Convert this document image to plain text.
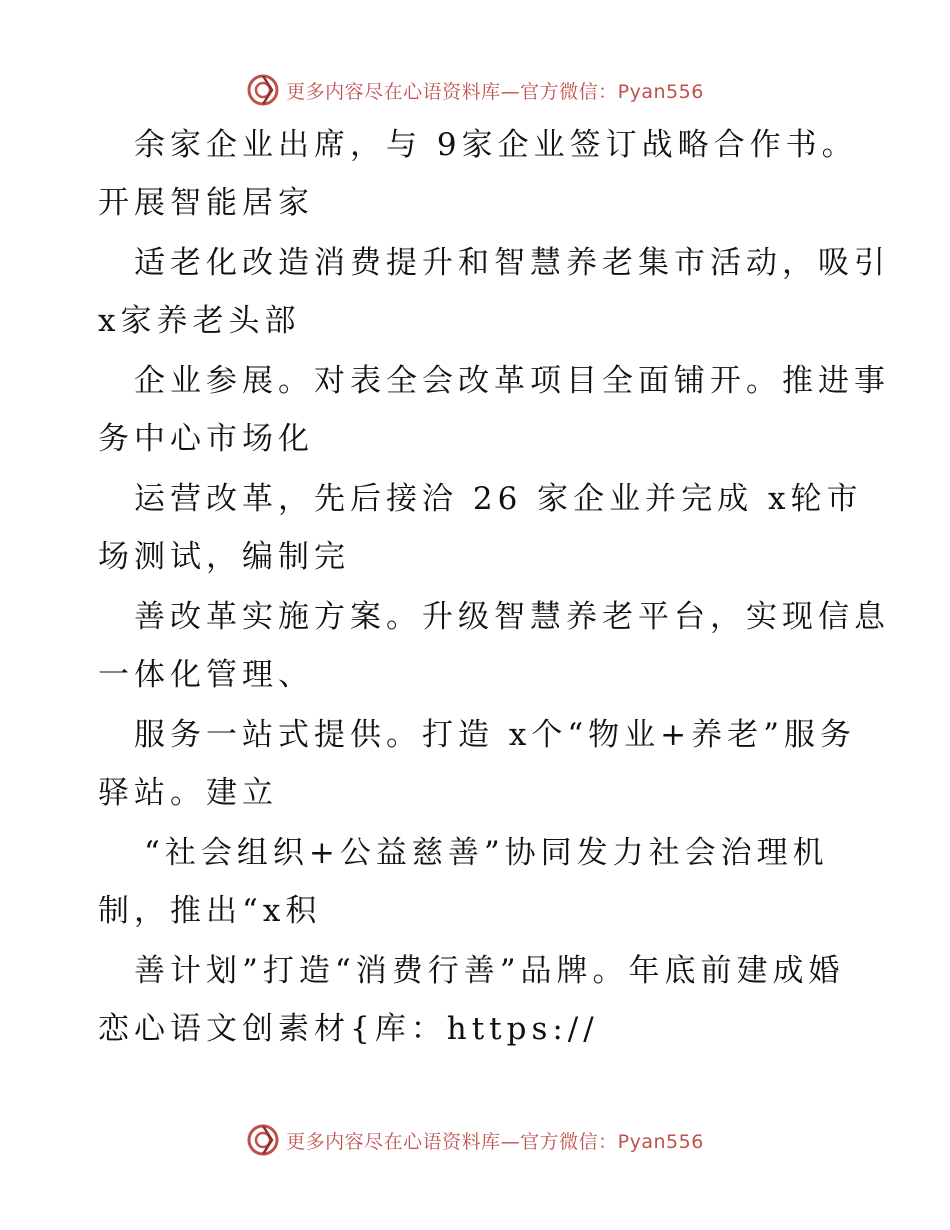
更多内容尽在心语资料库—官方微信：Pyan556
余家企业出席，与 9家企业签订战略合作书。
开展智能居家
适老化改造消费提升和智慧养老集市活动，吸引
x家养老头部
企业参展。对表全会改革项目全面铺开。推进事
务中心市场化
运营改革，先后接洽 26 家企业并完成 x轮市
场测试，编制完
善改革实施方案。升级智慧养老平台，实现信息
一体化管理、
服务一站式提供。打造 x个“物业+养老”服务
驿站。建立
“社会组织+公益慈善”协同发力社会治理机
制，推出“x积
善计划”打造“消费行善”品牌。年底前建成婚
恋心语文创素材{库：https://
更多内容尽在心语资料库—官方微信：Pyan556
